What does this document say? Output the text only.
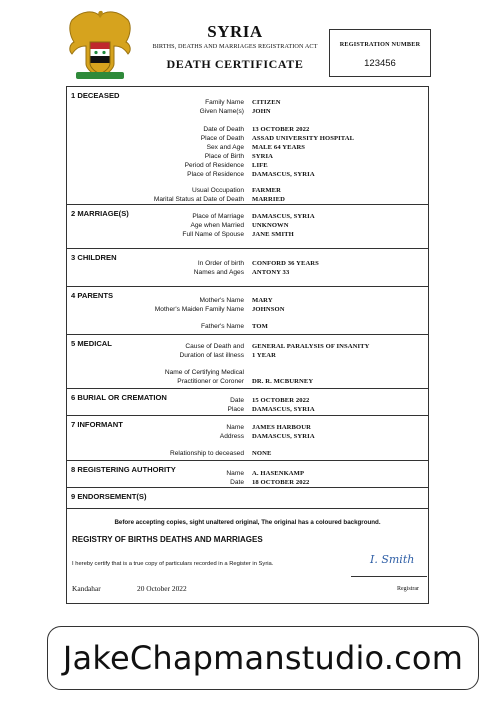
SYRIA
BIRTHS, DEATHS AND MARRIAGES REGISTRATION ACT
DEATH CERTIFICATE
REGISTRATION NUMBER
123456
1 DECEASED
Family Name CITIZEN
Given Name(s) JOHN
Date of Death 13 OCTOBER 2022
Place of Death ASSAD UNIVERSITY HOSPITAL
Sex and Age MALE 64 YEARS
Place of Birth SYRIA
Period of Residence LIFE
Place of Residence DAMASCUS, SYRIA
Usual Occupation FARMER
Marital Status at Date of Death MARRIED
2 MARRIAGE(S)	Place of Marriage DAMASCUS, SYRIA
Age when Married UNKNOWN
Full Name of Spouse JANE SMITH
3 CHILDREN
In Order of birth CONFORD 36 YEARS
Names and Ages ANTONY 33
4 PARENTS
Mother's Name MARY
Mother's Maiden Family Name JOHNSON
Father's Name TOM
5 MEDICAL	Cause of Death and GENERAL PARALYSIS OF INSANITY
Duration of last illness 1 YEAR
Name of Certifying Medical
Practitioner or Coroner DR. R. MCBURNEY
6 BURIAL OR CREMATION	Date 15 OCTOBER 2022
Place DAMASCUS, SYRIA
7 INFORMANT	Name JAMES HARBOUR
Address DAMASCUS, SYRIA
Relationship to deceased NONE
8 REGISTERING AUTHORITY	Name A. HASENKAMP
Date 18 OCTOBER 2022
9 ENDORSEMENT(S)
Before accepting copies, sight unaltered original, The original has a coloured background.
REGISTRY OF BIRTHS DEATHS AND MARRIAGES
I hereby certify that is a true copy of particulars recorded in a Register in Syria.	I. Smith
Kandahar	20 October 2022	Registrar
JakeChapmanstudio.com
